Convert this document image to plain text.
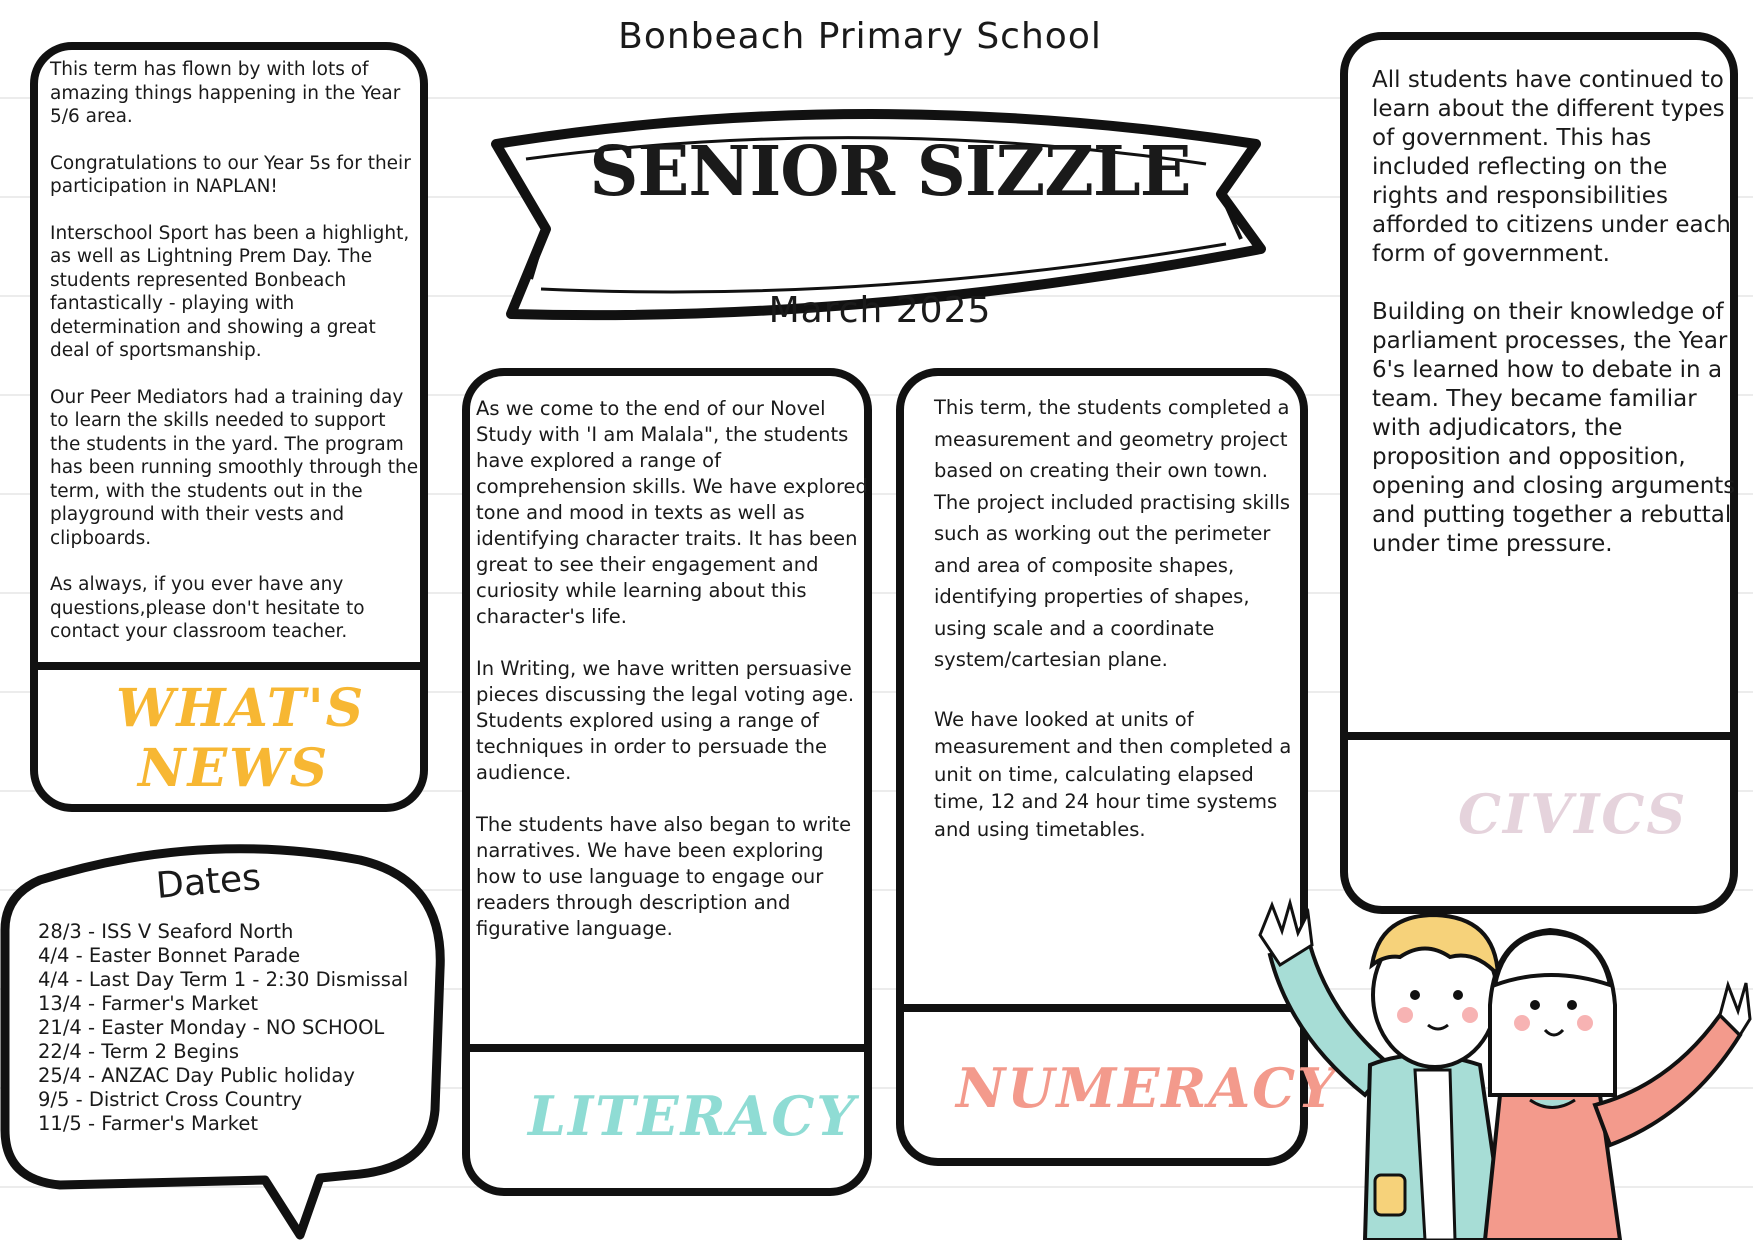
Bonbeach Primary School
SENIOR SIZZLE
March 2025

This term has flown by with lots of amazing things happening in the Year 5/6 area.

Congratulations to our Year 5s for their participation in NAPLAN!

Interschool Sport has been a highlight, as well as Lightning Prem Day. The students represented Bonbeach fantastically - playing with determination and showing a great deal of sportsmanship.

Our Peer Mediators had a training day to learn the skills needed to support the students in the yard. The program has been running smoothly through the term, with the students out in the playground with their vests and clipboards.

As always, if you ever have any questions,please don't hesitate to contact your classroom teacher.

WHAT'S
NEWS
Dates
28/3 - ISS V Seaford North
4/4 - Easter Bonnet Parade
4/4 - Last Day Term 1 - 2:30 Dismissal
13/4 - Farmer's Market
21/4 - Easter Monday - NO SCHOOL
22/4 - Term 2 Begins
25/4 - ANZAC Day Public holiday
9/5 - District Cross Country
11/5 - Farmer's Market

As we come to the end of our Novel Study with 'I am Malala", the students have explored a range of comprehension skills. We have explored tone and mood in texts as well as identifying character traits. It has been great to see their engagement and curiosity while learning about this character's life.

In Writing, we have written persuasive pieces discussing the legal voting age. Students explored using a range of techniques in order to persuade the audience.

The students have also began to write narratives. We have been exploring how to use language to engage our readers through description and figurative language.

LITERACY

This term, the students completed a measurement and geometry project based on creating their own town. The project included practising skills such as working out the perimeter and area of composite shapes, identifying properties of shapes, using scale and a coordinate system/cartesian plane.

We have looked at units of measurement and then completed a unit on time, calculating elapsed time, 12 and 24 hour time systems and using timetables.

NUMERACY

All students have continued to learn about the different types of government. This has included reflecting on the rights and responsibilities afforded to citizens under each form of government.

Building on their knowledge of parliament processes, the Year 6's learned how to debate in a team. They became familiar with adjudicators, the proposition and opposition, opening and closing arguments and putting together a rebuttal under time pressure.

CIVICS
